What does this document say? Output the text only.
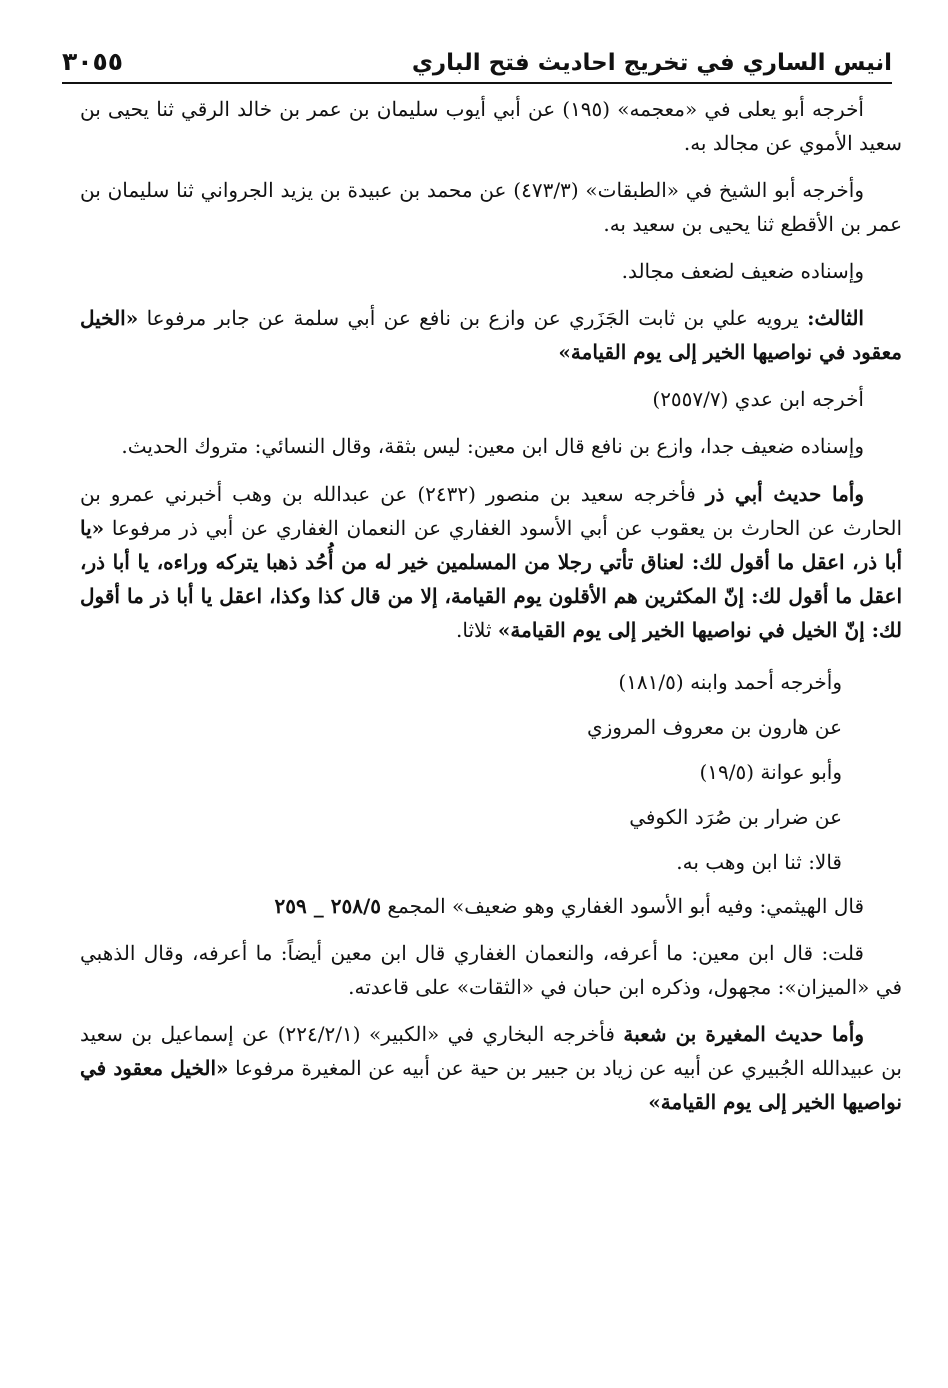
٣٠٥٥	انيس الساري في تخريج احاديث فتح الباري

أخرجه أبو يعلى في «معجمه» (١٩٥) عن أبي أيوب سليمان بن عمر بن خالد الرقي ثنا يحيى بن سعيد الأموي عن مجالد به.

وأخرجه أبو الشيخ في «الطبقات» (٤٧٣/٣) عن محمد بن عبيدة بن يزيد الجرواني ثنا سليمان بن عمر بن الأقطع ثنا يحيى بن سعيد به.

وإسناده ضعيف لضعف مجالد.

الثالث: يرويه علي بن ثابت الجَزَري عن وازع بن نافع عن أبي سلمة عن جابر مرفوعا «الخيل معقود في نواصيها الخير إلى يوم القيامة»

أخرجه ابن عدي (٢٥٥٧/٧)

وإسناده ضعيف جدا، وازع بن نافع قال ابن معين: ليس بثقة، وقال النسائي: متروك الحديث.

وأما حديث أبي ذر فأخرجه سعيد بن منصور (٢٤٣٢) عن عبدالله بن وهب أخبرني عمرو بن الحارث عن الحارث بن يعقوب عن أبي الأسود الغفاري عن النعمان الغفاري عن أبي ذر مرفوعا «يا أبا ذر، اعقل ما أقول لك: لعناق تأتي رجلا من المسلمين خير له من أُحُد ذهبا يتركه وراءه، يا أبا ذر، اعقل ما أقول لك: إنّ المكثرين هم الأقلون يوم القيامة، إلا من قال كذا وكذا، اعقل يا أبا ذر ما أقول لك: إنّ الخيل في نواصيها الخير إلى يوم القيامة» ثلاثا.

وأخرجه أحمد وابنه (١٨١/٥)

عن هارون بن معروف المروزي

وأبو عوانة (١٩/٥)

عن ضرار بن صُرَد الكوفي

قالا: ثنا ابن وهب به.

قال الهيثمي: وفيه أبو الأسود الغفاري وهو ضعيف» المجمع ٢٥٨/٥ _ ٢٥٩

قلت: قال ابن معين: ما أعرفه، والنعمان الغفاري قال ابن معين أيضاً: ما أعرفه، وقال الذهبي في «الميزان»: مجهول، وذكره ابن حبان في «الثقات» على قاعدته.

وأما حديث المغيرة بن شعبة فأخرجه البخاري في «الكبير» (٢٢٤/٢/١) عن إسماعيل بن سعيد بن عبيدالله الجُبيري عن أبيه عن زياد بن جبير بن حية عن أبيه عن المغيرة مرفوعا «الخيل معقود في نواصيها الخير إلى يوم القيامة»
